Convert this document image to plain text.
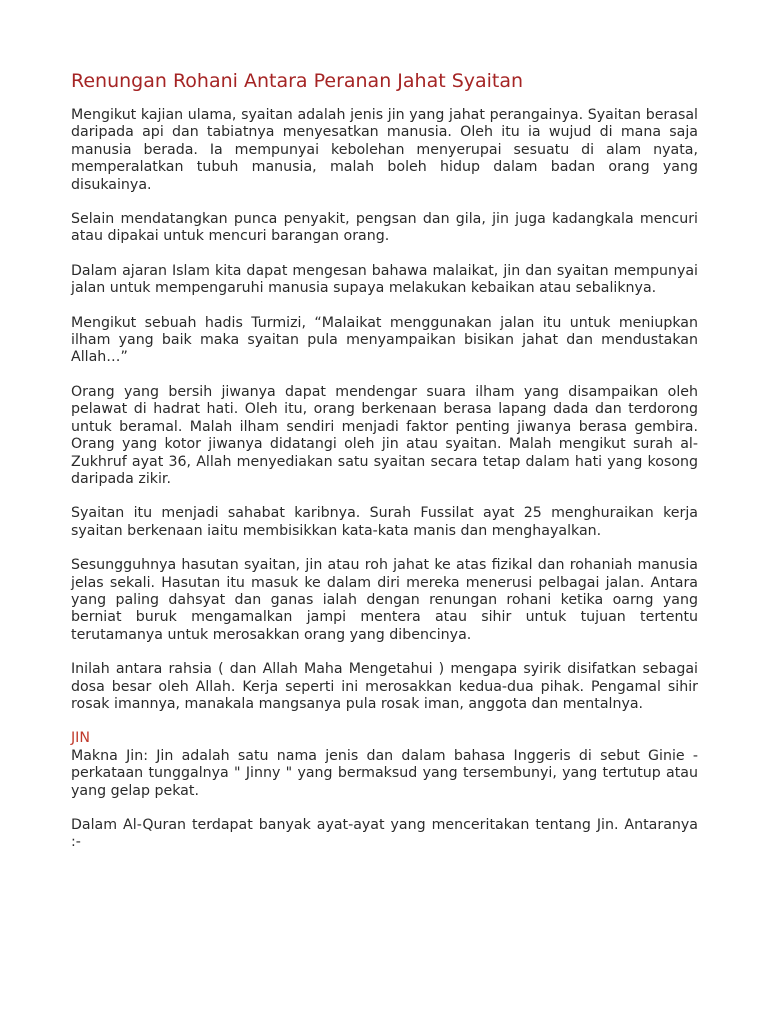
Renungan Rohani Antara Peranan Jahat Syaitan

Mengikut kajian ulama, syaitan adalah jenis jin yang jahat perangainya. Syaitan berasal daripada api dan tabiatnya menyesatkan manusia. Oleh itu ia wujud di mana saja manusia berada. Ia mempunyai kebolehan menyerupai sesuatu di alam nyata, memperalatkan tubuh manusia, malah boleh hidup dalam badan orang yang disukainya.

Selain mendatangkan punca penyakit, pengsan dan gila, jin juga kadangkala mencuri atau dipakai untuk mencuri barangan orang.

Dalam ajaran Islam kita dapat mengesan bahawa malaikat, jin dan syaitan mempunyai jalan untuk mempengaruhi manusia supaya melakukan kebaikan atau sebaliknya.

Mengikut sebuah hadis Turmizi, “Malaikat menggunakan jalan itu untuk meniupkan ilham yang baik maka syaitan pula menyampaikan bisikan jahat dan mendustakan Allah…”

Orang yang bersih jiwanya dapat mendengar suara ilham yang disampaikan oleh pelawat di hadrat hati. Oleh itu, orang berkenaan berasa lapang dada dan terdorong untuk beramal. Malah ilham sendiri menjadi faktor penting jiwanya berasa gembira. Orang yang kotor jiwanya didatangi oleh jin atau syaitan. Malah mengikut surah al-Zukhruf ayat 36, Allah menyediakan satu syaitan secara tetap dalam hati yang kosong daripada zikir.

Syaitan itu menjadi sahabat karibnya. Surah Fussilat ayat 25 menghuraikan kerja syaitan berkenaan iaitu membisikkan kata-kata manis dan menghayalkan.

Sesungguhnya hasutan syaitan, jin atau roh jahat ke atas fizikal dan rohaniah manusia jelas sekali. Hasutan itu masuk ke dalam diri mereka menerusi pelbagai jalan. Antara yang paling dahsyat dan ganas ialah dengan renungan rohani ketika oarng yang berniat buruk mengamalkan jampi mentera atau sihir untuk tujuan tertentu terutamanya untuk merosakkan orang yang dibencinya.

Inilah antara rahsia ( dan Allah Maha Mengetahui ) mengapa syirik disifatkan sebagai dosa besar oleh Allah. Kerja seperti ini merosakkan kedua-dua pihak. Pengamal sihir rosak imannya, manakala mangsanya pula rosak iman, anggota dan mentalnya.

JIN

Makna Jin: Jin adalah satu nama jenis dan dalam bahasa Inggeris di sebut Ginie - perkataan tunggalnya " Jinny " yang bermaksud yang tersembunyi, yang tertutup atau yang gelap pekat.

Dalam Al-Quran terdapat banyak ayat-ayat yang menceritakan tentang Jin. Antaranya :-
